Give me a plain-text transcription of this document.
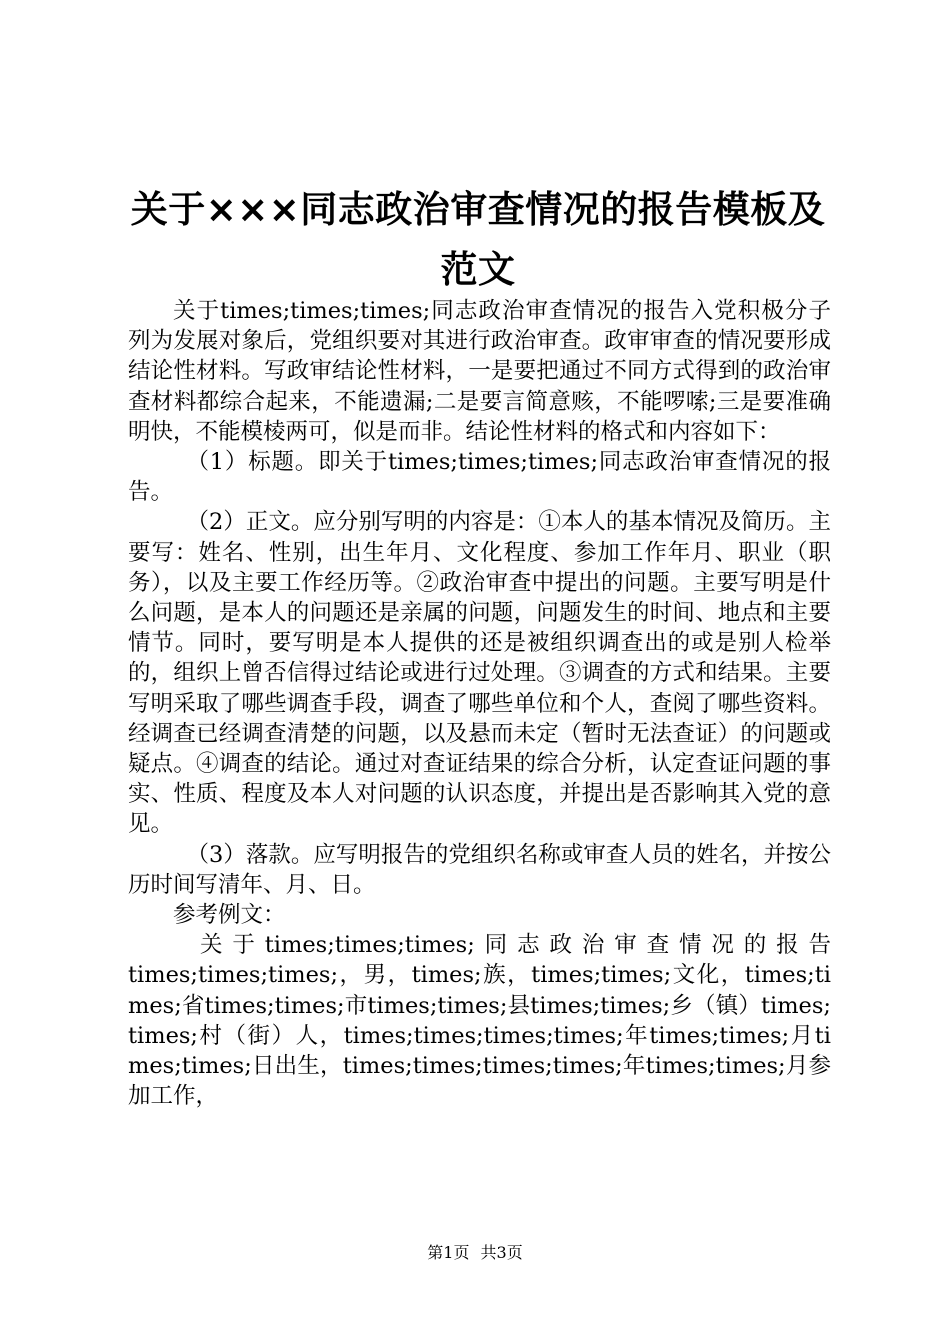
关于×××同志政治审查情况的报告模板及范文

关于times;times;times;同志政治审查情况的报告入党积极分子列为发展对象后，党组织要对其进行政治审查。政审审查的情况要形成结论性材料。写政审结论性材料，一是要把通过不同方式得到的政治审查材料都综合起来，不能遗漏;二是要言简意赅，不能啰嗦;三是要准确明快，不能模棱两可，似是而非。结论性材料的格式和内容如下：

（1）标题。即关于times;times;times;同志政治审查情况的报告。

（2）正文。应分别写明的内容是：①本人的基本情况及简历。主要写：姓名、性别，出生年月、文化程度、参加工作年月、职业（职务），以及主要工作经历等。②政治审查中提出的问题。主要写明是什么问题，是本人的问题还是亲属的问题，问题发生的时间、地点和主要情节。同时，要写明是本人提供的还是被组织调查出的或是别人检举的，组织上曾否信得过结论或进行过处理。③调查的方式和结果。主要写明采取了哪些调查手段，调查了哪些单位和个人，查阅了哪些资料。经调查已经调查清楚的问题，以及悬而未定（暂时无法查证）的问题或疑点。④调查的结论。通过对查证结果的综合分析，认定查证问题的事实、性质、程度及本人对问题的认识态度，并提出是否影响其入党的意见。

（3）落款。应写明报告的党组织名称或审查人员的姓名，并按公历时间写清年、月、日。

参考例文：

关于times;times;times;同志政治审查情况的报告

times;times;times;，男，times;族，times;times;文化，times;times;省times;times;市times;times;县times;times;乡（镇）times;times;村（街）人，times;times;times;times;年times;times;月times;times;日出生，times;times;times;times;年times;times;月参加工作，

第1页 共3页
